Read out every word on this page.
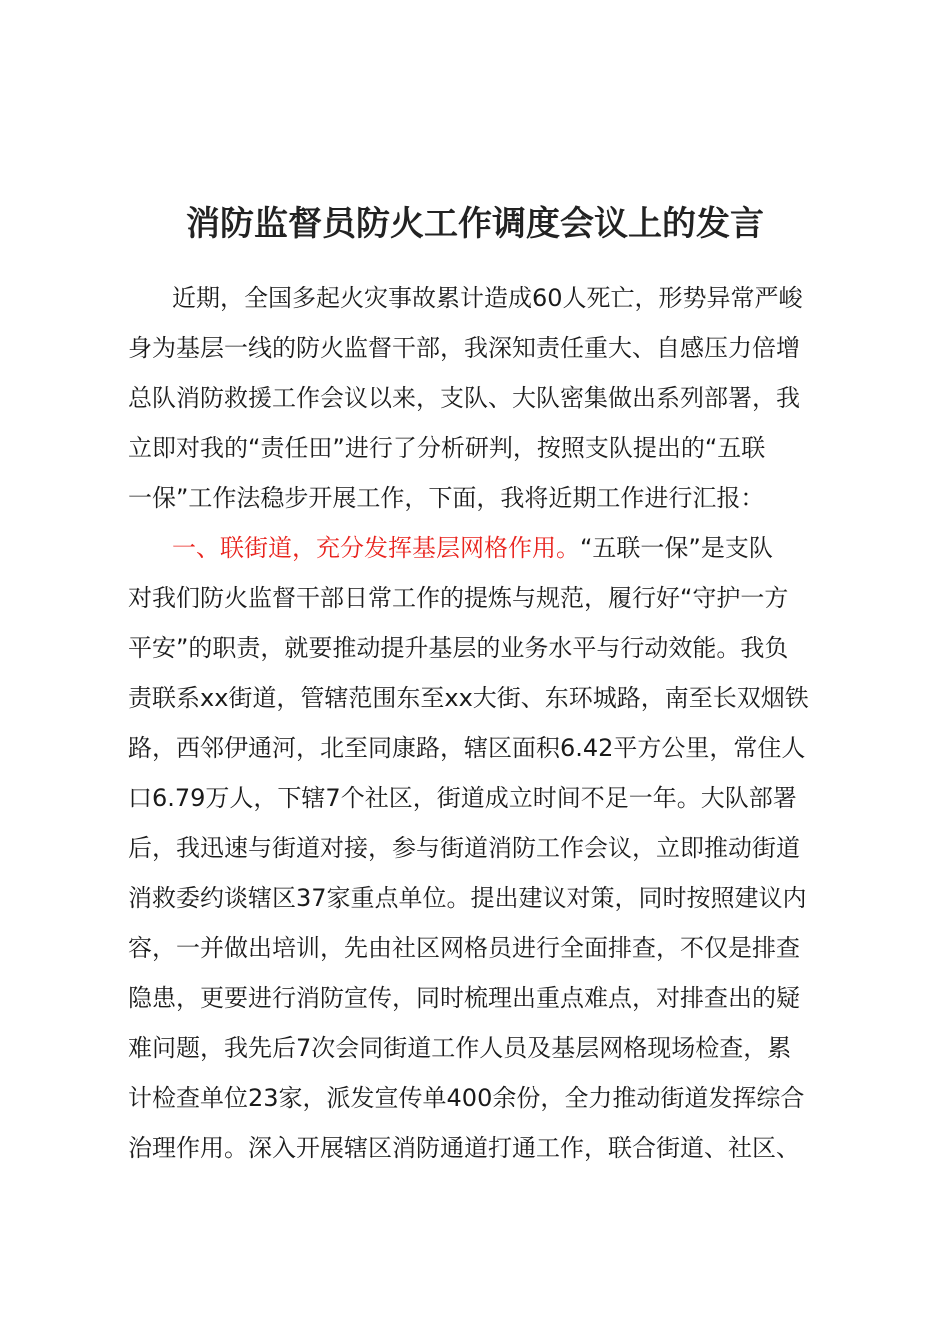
消防监督员防火工作调度会议上的发言
近期，全国多起火灾事故累计造成60人死亡，形势异常严峻
身为基层一线的防火监督干部，我深知责任重大、自感压力倍增
总队消防救援工作会议以来，支队、大队密集做出系列部署，我
立即对我的“责任田”进行了分析研判，按照支队提出的“五联
一保”工作法稳步开展工作，下面，我将近期工作进行汇报：
一、联街道，充分发挥基层网格作用。“五联一保”是支队
对我们防火监督干部日常工作的提炼与规范，履行好“守护一方
平安”的职责，就要推动提升基层的业务水平与行动效能。我负
责联系xx街道，管辖范围东至xx大街、东环城路，南至长双烟铁
路，西邻伊通河，北至同康路，辖区面积6.42平方公里，常住人
口6.79万人，下辖7个社区，街道成立时间不足一年。大队部署
后，我迅速与街道对接，参与街道消防工作会议，立即推动街道
消救委约谈辖区37家重点单位。提出建议对策，同时按照建议内
容，一并做出培训，先由社区网格员进行全面排查，不仅是排查
隐患，更要进行消防宣传，同时梳理出重点难点，对排查出的疑
难问题，我先后7次会同街道工作人员及基层网格现场检查，累
计检查单位23家，派发宣传单400余份，全力推动街道发挥综合
治理作用。深入开展辖区消防通道打通工作，联合街道、社区、
